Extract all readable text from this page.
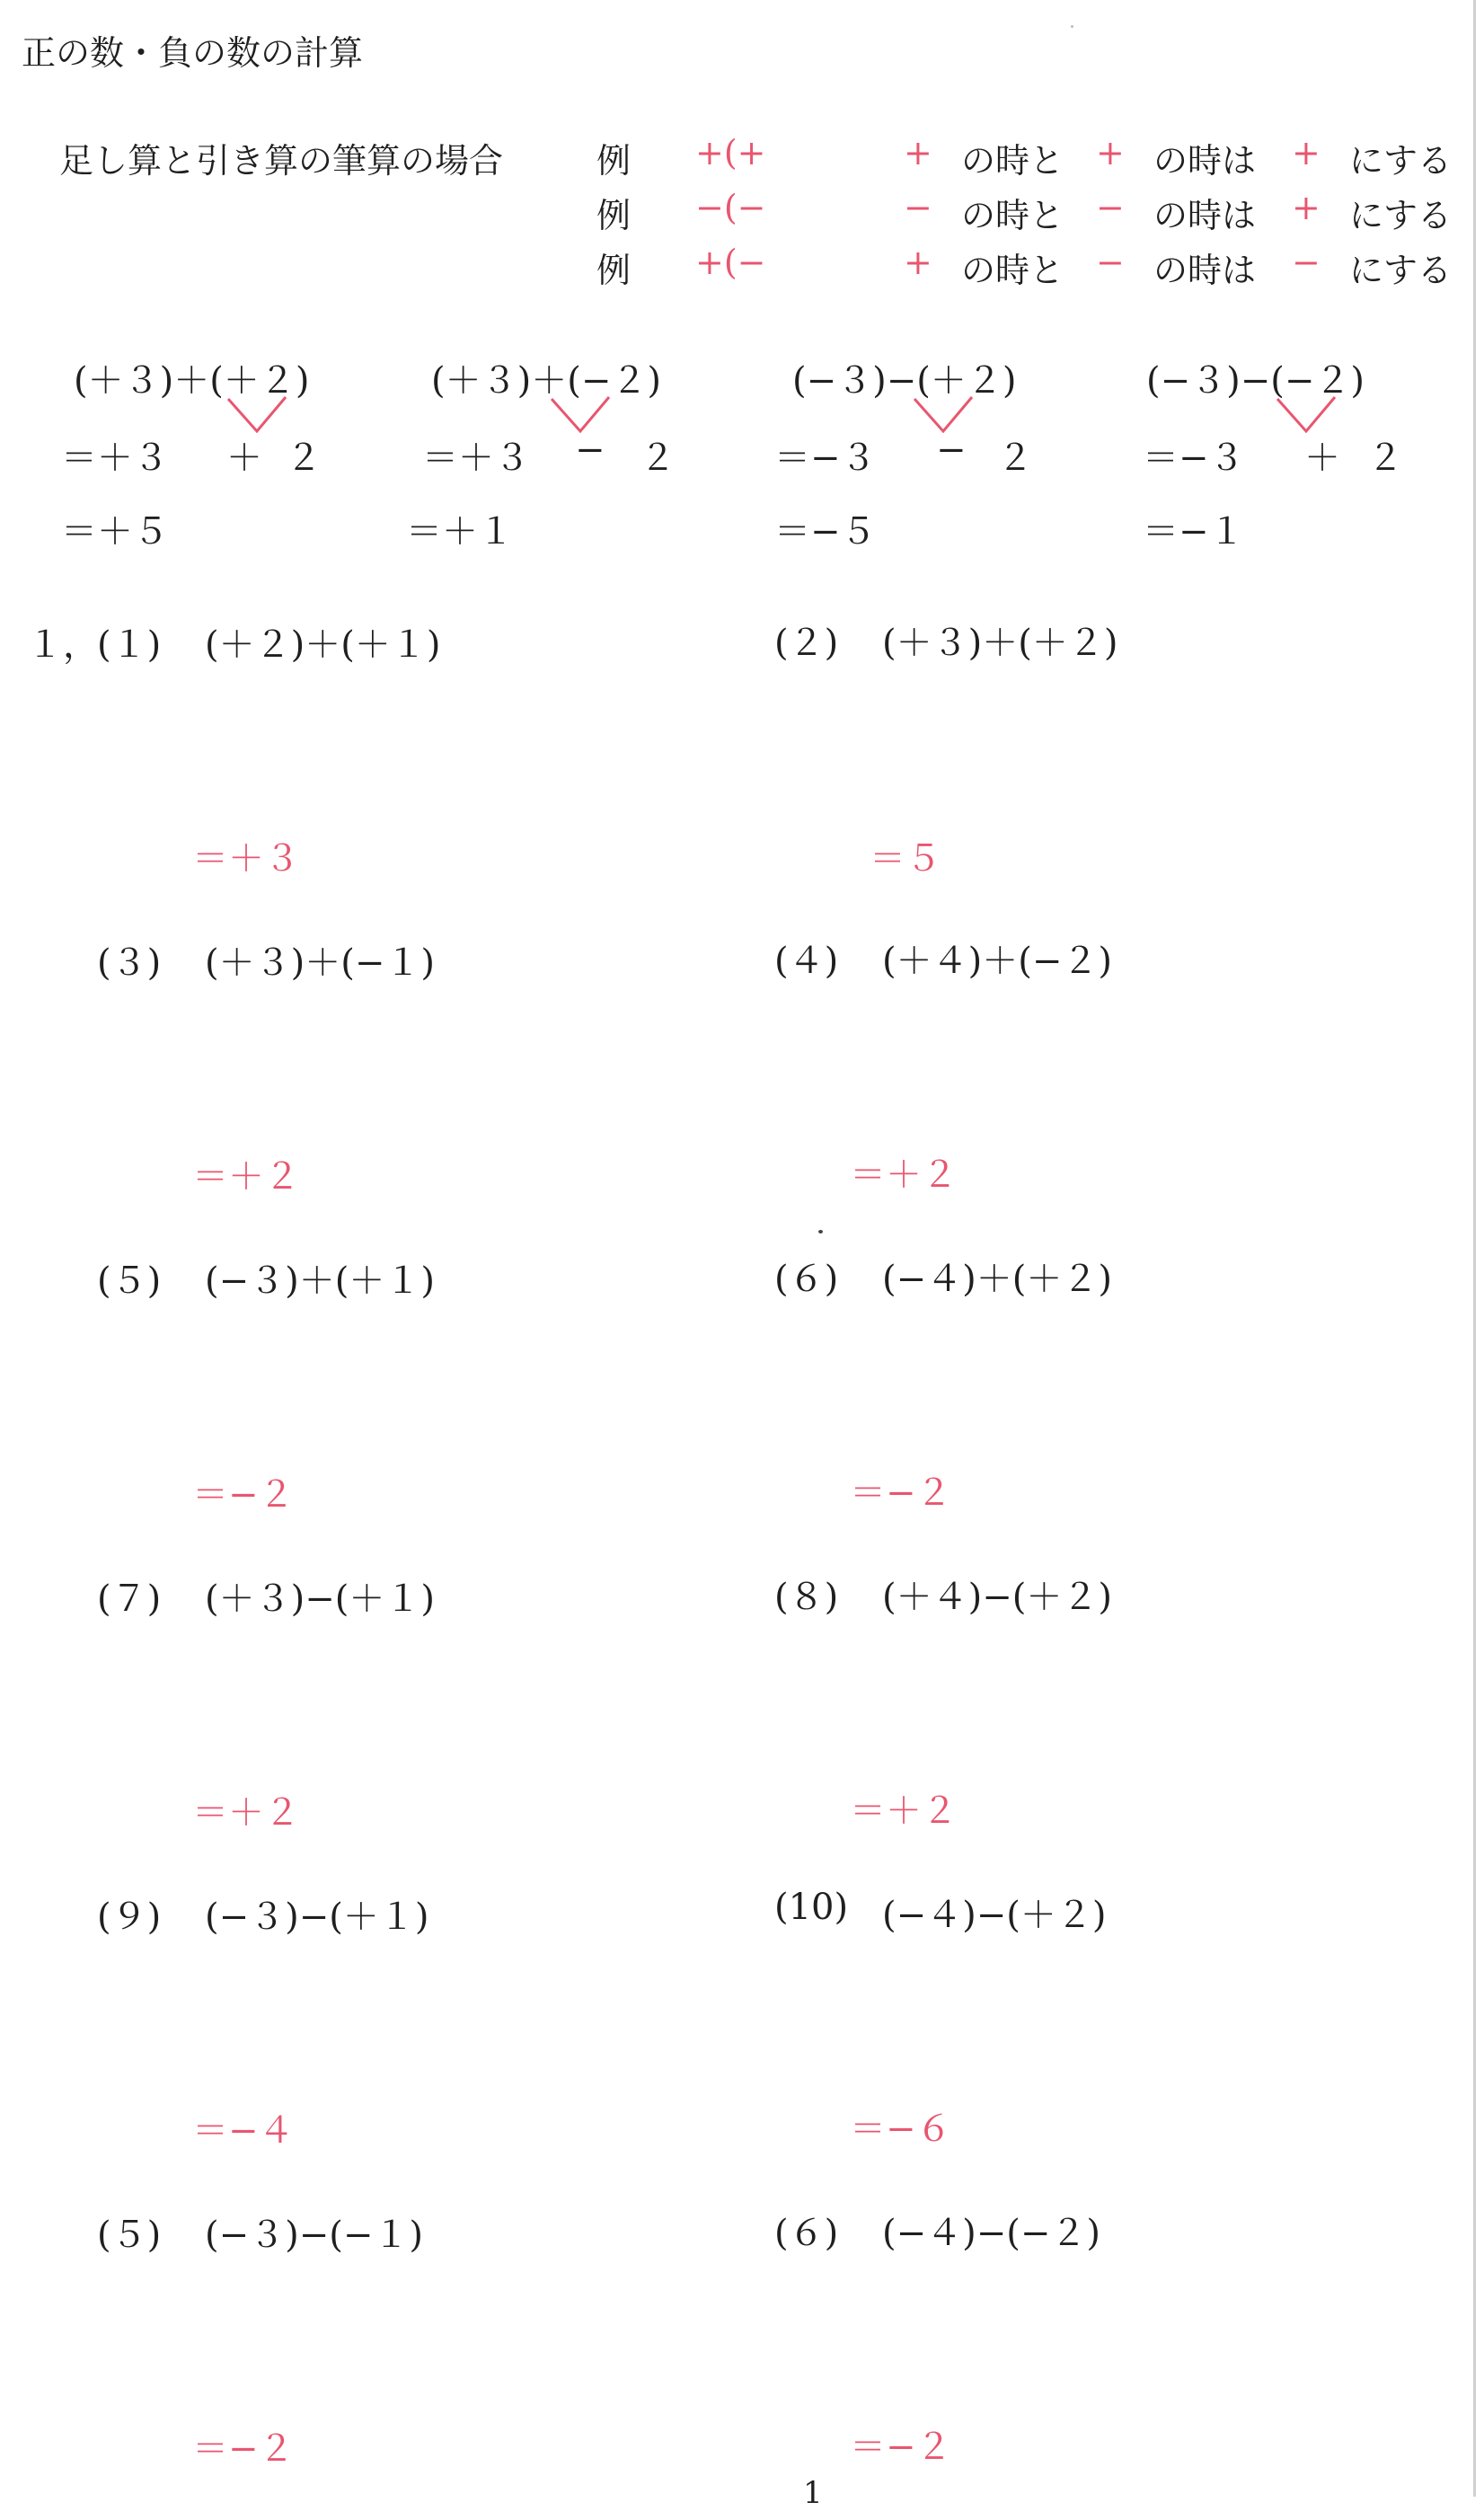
正の数・負の数の計算
足し算と引き算の筆算の場合	例 +(+	+ の時と + の時は + にする
例 −(−	− の時と − の時は + にする
例 +(−	+ の時と − の時は − にする
(＋３)＋(＋２)
＝＋３ ＋ ２
＝＋５
(＋３)＋(−２)
＝＋３ − ２
＝＋１
(−３)−(＋２)
＝−３ − ２
＝−５
(−３)−(−２)
＝−３ ＋ ２
＝−１
１，
(１) (＋２)＋(＋１)
＝＋３
(２) (＋３)＋(＋２)
＝５
(３) (＋３)＋(−１)
＝＋２
(４) (＋４)＋(−２)
＝＋２
(５) (−３)＋(＋１)
＝−２
(６) (−４)＋(＋２)
＝−２
(７) (＋３)−(＋１)
＝＋２
(８) (＋４)−(＋２)
＝＋２
(９) (−３)−(＋１)
＝−４
(10) (−４)−(＋２)
＝−６
(５) (−３)−(−１)
＝−２
(６) (−４)−(−２)
＝−２
1
